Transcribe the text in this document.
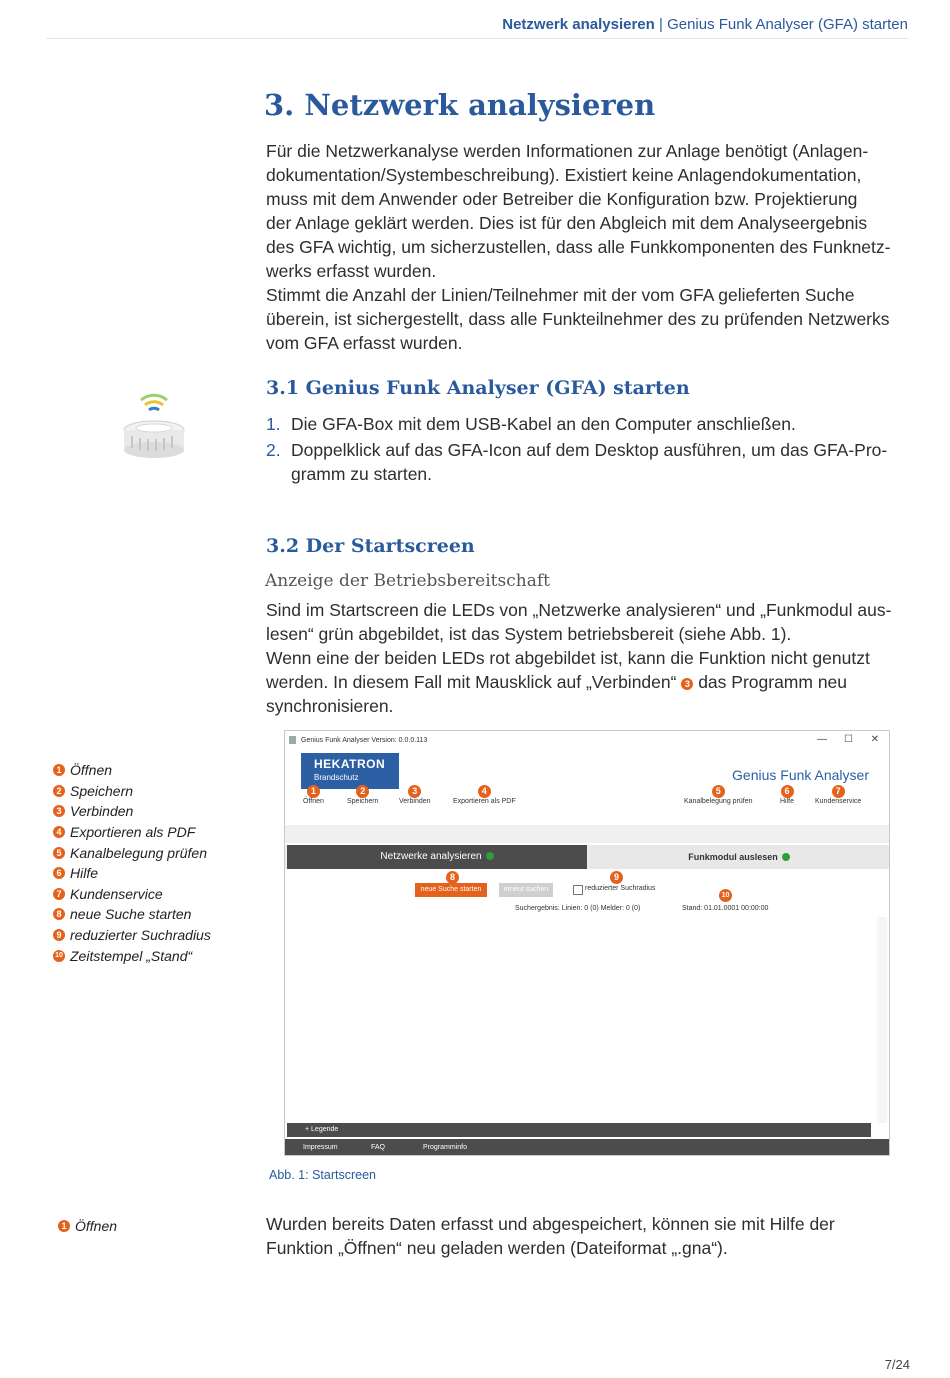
Netzwerk analysieren | Genius Funk Analyser (GFA) starten
3. Netzwerk analysieren

Für die Netzwerkanalyse werden Informationen zur Anlage benötigt (Anlagen-

dokumentation/Systembeschreibung). Existiert keine Anlagendokumentation,

muss mit dem Anwender oder Betreiber die Konfiguration bzw. Projektierung

der Anlage geklärt werden. Dies ist für den Abgleich mit dem Analyseergebnis

des GFA wichtig, um sicherzustellen, dass alle Funkkomponenten des Funknetz-

werks erfasst wurden.

Stimmt die Anzahl der Linien/Teilnehmer mit der vom GFA gelieferten Suche

überein, ist sichergestellt, dass alle Funkteilnehmer des zu prüfenden Netzwerks

vom GFA erfasst wurden.

3.1 Genius Funk Analyser (GFA) starten
1. Die GFA-Box mit dem USB-Kabel an den Computer anschließen.
2. Doppelklick auf das GFA-Icon auf dem Desktop ausführen, um das GFA-Pro-
gramm zu starten.
3.2 Der Startscreen
Anzeige der Betriebsbereitschaft

Sind im Startscreen die LEDs von „Netzwerke analysieren“ und „Funkmodul aus-

lesen“ grün abgebildet, ist das System betriebsbereit (siehe Abb. 1).

Wenn eine der beiden LEDs rot abgebildet ist, kann die Funktion nicht genutzt

werden. In diesem Fall mit Mausklick auf „Verbinden“ 3 das Programm neu

synchronisieren.

1 Öffnen
2 Speichern
3 Verbinden
4 Exportieren als PDF
5 Kanalbelegung prüfen
6 Hilfe
7 Kundenservice
8 neue Suche starten
9 reduzierter Suchradius
10 Zeitstempel „Stand“
Genius Funk Analyser Version: 0.0.0.113	— ☐ ✕
HEKATRON
Brandschutz	Genius Funk Analyser
1
Öffnen
2
Speichern
3
Verbinden
4
Exportieren als PDF
5
Kanalbelegung prüfen
6
Hilfe
7
Kundenservice
Netzwerke analysieren	Funkmodul auslesen
8	9
10
neue Suche starten	erneut suchen	reduzierter Suchradius
Suchergebnis: Linien: 0 (0) Melder: 0 (0)	Stand: 01.01.0001 00:00:00
+ Legende
Impressum	FAQ	Programminfo
Abb. 1: Startscreen
1 Öffnen	Wurden bereits Daten erfasst und abgespeichert, können sie mit Hilfe der

Funktion „Öffnen“ neu geladen werden (Dateiformat „.gna“).

7/24
